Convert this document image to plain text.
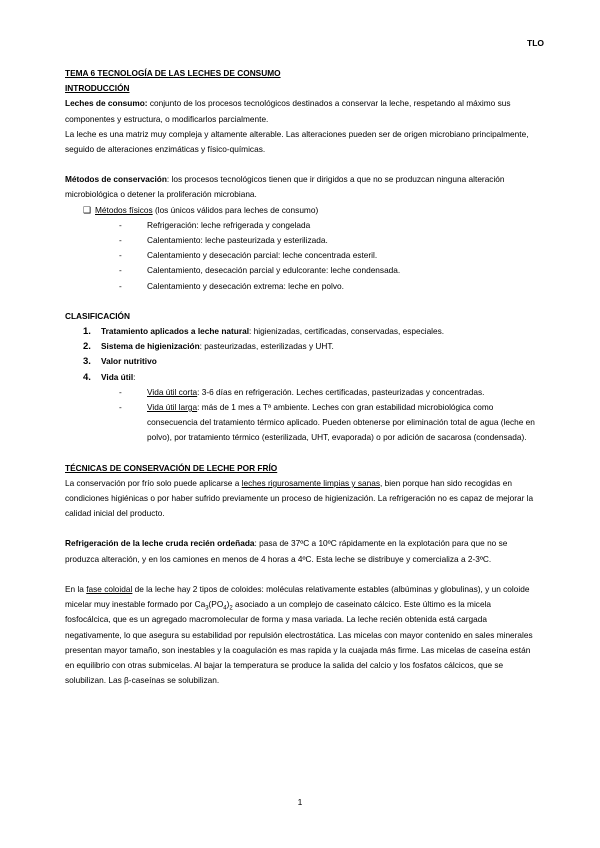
TLO

TEMA 6 TECNOLOGÍA DE LAS LECHES DE CONSUMO

INTRODUCCIÓN

Leches de consumo: conjunto de los procesos tecnológicos destinados a conservar la leche, respetando al máximo sus componentes y estructura, o modificarlos parcialmente.

La leche es una matriz muy compleja y altamente alterable. Las alteraciones pueden ser de origen microbiano principalmente, seguido de alteraciones enzimáticas y físico-químicas.

Métodos de conservación: los procesos tecnológicos tienen que ir dirigidos a que no se produzcan ninguna alteración microbiológica o detener la proliferación microbiana.

❑ Métodos físicos (los únicos válidos para leches de consumo)
-	Refrigeración: leche refrigerada y congelada
-	Calentamiento: leche pasteurizada y esterilizada.
-	Calentamiento y desecación parcial: leche concentrada esteril.
-	Calentamiento, desecación parcial y edulcorante: leche condensada.
-	Calentamiento y desecación extrema: leche en polvo.

CLASIFICACIÓN

1.	Tratamiento aplicados a leche natural: higienizadas, certificadas, conservadas, especiales.
2.	Sistema de higienización: pasteurizadas, esterilizadas y UHT.
3.	Valor nutritivo
4.	Vida útil:
-	Vida útil corta: 3-6 días en refrigeración. Leches certificadas, pasteurizadas y concentradas.
-	Vida útil larga: más de 1 mes a Tª ambiente. Leches con gran estabilidad microbiológica como consecuencia del tratamiento térmico aplicado. Pueden obtenerse por eliminación total de agua (leche en polvo), por tratamiento térmico (esterilizada, UHT, evaporada) o por adición de sacarosa (condensada).

TÉCNICAS DE CONSERVACIÓN DE LECHE POR FRÍO

La conservación por frío solo puede aplicarse a leches rigurosamente limpias y sanas, bien porque han sido recogidas en condiciones higiénicas o por haber sufrido previamente un proceso de higienización. La refrigeración no es capaz de mejorar la calidad inicial del producto.

Refrigeración de la leche cruda recién ordeñada: pasa de 37ºC a 10ºC rápidamente en la explotación para que no se produzca alteración, y en los camiones en menos de 4 horas a 4ºC. Esta leche se distribuye y comercializa a 2-3ºC.

En la fase coloidal de la leche hay 2 tipos de coloides: moléculas relativamente estables (albúminas y globulinas), y un coloide micelar muy inestable formado por $Ca_3(PO_4)_2$ asociado a un complejo de caseinato cálcico. Este último es la micela fosfocálcica, que es un agregado macromolecular de forma y masa variada. La leche recién obtenida está cargada negativamente, lo que asegura su estabilidad por repulsión electrostática. Las micelas con mayor contenido en sales minerales presentan mayor tamaño, son inestables y la coagulación es mas rapida y la cuajada más firme. Las micelas de caseína están en equilibrio con otras submicelas. Al bajar la temperatura se produce la salida del calcio y los fosfatos cálcicos, que se solubilizan. Las β-caseínas se solubilizan.

1
